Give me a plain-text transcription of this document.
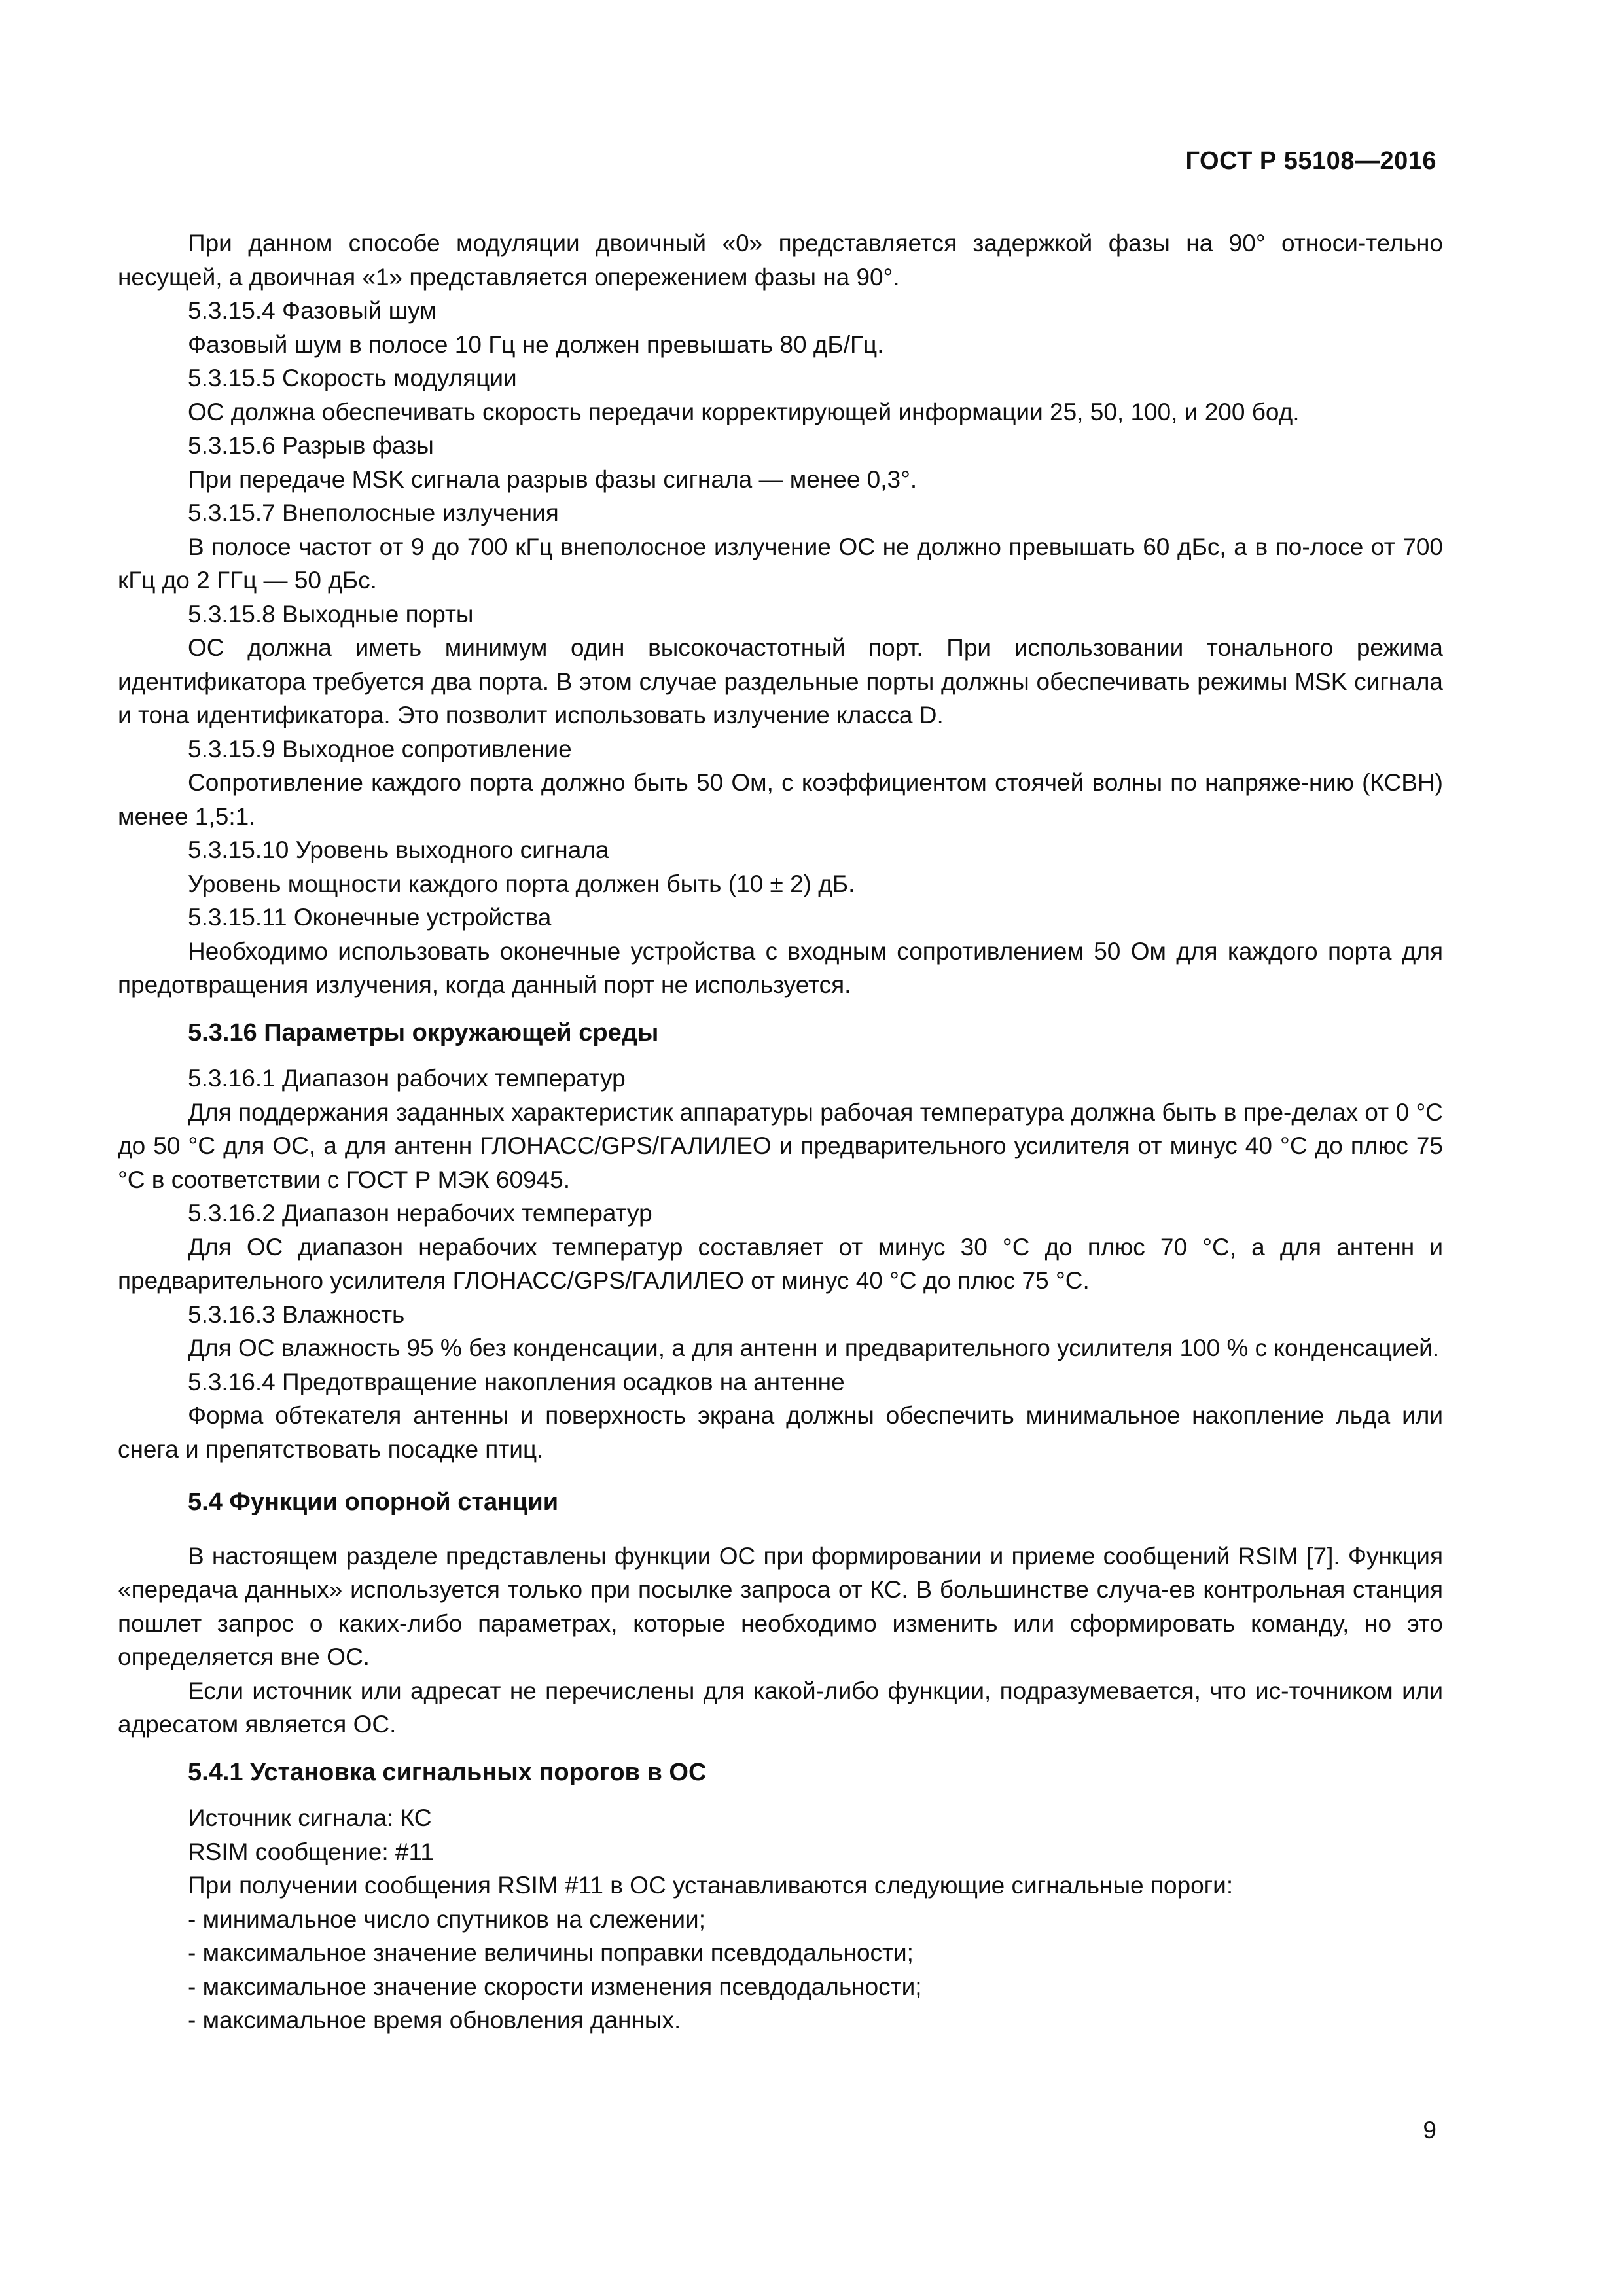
ГОСТ Р 55108—2016

При данном способе модуляции двоичный «0» представляется задержкой фазы на 90° относи-тельно несущей, а двоичная «1» представляется опережением фазы на 90°.

5.3.15.4 Фазовый шум

Фазовый шум в полосе 10 Гц не должен превышать 80 дБ/Гц.

5.3.15.5 Скорость модуляции

ОС должна обеспечивать скорость передачи корректирующей информации 25, 50, 100, и 200 бод.

5.3.15.6 Разрыв фазы

При передаче MSK сигнала разрыв фазы сигнала — менее 0,3°.

5.3.15.7 Внеполосные излучения

В полосе частот от 9 до 700 кГц внеполосное излучение ОС не должно превышать 60 дБс, а в по-лосе от 700 кГц до 2 ГГц — 50 дБс.

5.3.15.8 Выходные порты

ОС должна иметь минимум один высокочастотный порт. При использовании тонального режима идентификатора требуется два порта. В этом случае раздельные порты должны обеспечивать режимы MSK сигнала и тона идентификатора. Это позволит использовать излучение класса D.

5.3.15.9 Выходное сопротивление

Сопротивление каждого порта должно быть 50 Ом, с коэффициентом стоячей волны по напряже-нию (КСВН) менее 1,5:1.

5.3.15.10 Уровень выходного сигнала

Уровень мощности каждого порта должен быть (10 ± 2) дБ.

5.3.15.11 Оконечные устройства

Необходимо использовать оконечные устройства с входным сопротивлением 50 Ом для каждого порта для предотвращения излучения, когда данный порт не используется.

5.3.16 Параметры окружающей среды

5.3.16.1 Диапазон рабочих температур

Для поддержания заданных характеристик аппаратуры рабочая температура должна быть в пре-делах от 0 °С до 50 °С для ОС, а для антенн ГЛОНАСС/GPS/ГАЛИЛЕО и предварительного усилителя от минус 40 °С до плюс 75 °С в соответствии с ГОСТ Р МЭК 60945.

5.3.16.2 Диапазон нерабочих температур

Для ОС диапазон нерабочих температур составляет от минус 30 °С до плюс 70 °С, а для антенн и предварительного усилителя ГЛОНАСС/GPS/ГАЛИЛЕО от минус 40 °С до плюс 75 °С.

5.3.16.3 Влажность

Для ОС влажность 95 % без конденсации, а для антенн и предварительного усилителя 100 % с конденсацией.

5.3.16.4 Предотвращение накопления осадков на антенне

Форма обтекателя антенны и поверхность экрана должны обеспечить минимальное накопление льда или снега и препятствовать посадке птиц.

5.4 Функции опорной станции

В настоящем разделе представлены функции ОС при формировании и приеме сообщений RSIM [7]. Функция «передача данных» используется только при посылке запроса от КС. В большинстве случа-ев контрольная станция пошлет запрос о каких-либо параметрах, которые необходимо изменить или сформировать команду, но это определяется вне ОС.

Если источник или адресат не перечислены для какой-либо функции, подразумевается, что ис-точником или адресатом является ОС.

5.4.1 Установка сигнальных порогов в ОС

Источник сигнала: КС

RSIM сообщение: #11

При получении сообщения RSIM #11 в ОС устанавливаются следующие сигнальные пороги:

- минимальное число спутников на слежении;
- максимальное значение величины поправки псевдодальности;
- максимальное значение скорости изменения псевдодальности;
- максимальное время обновления данных.
9
